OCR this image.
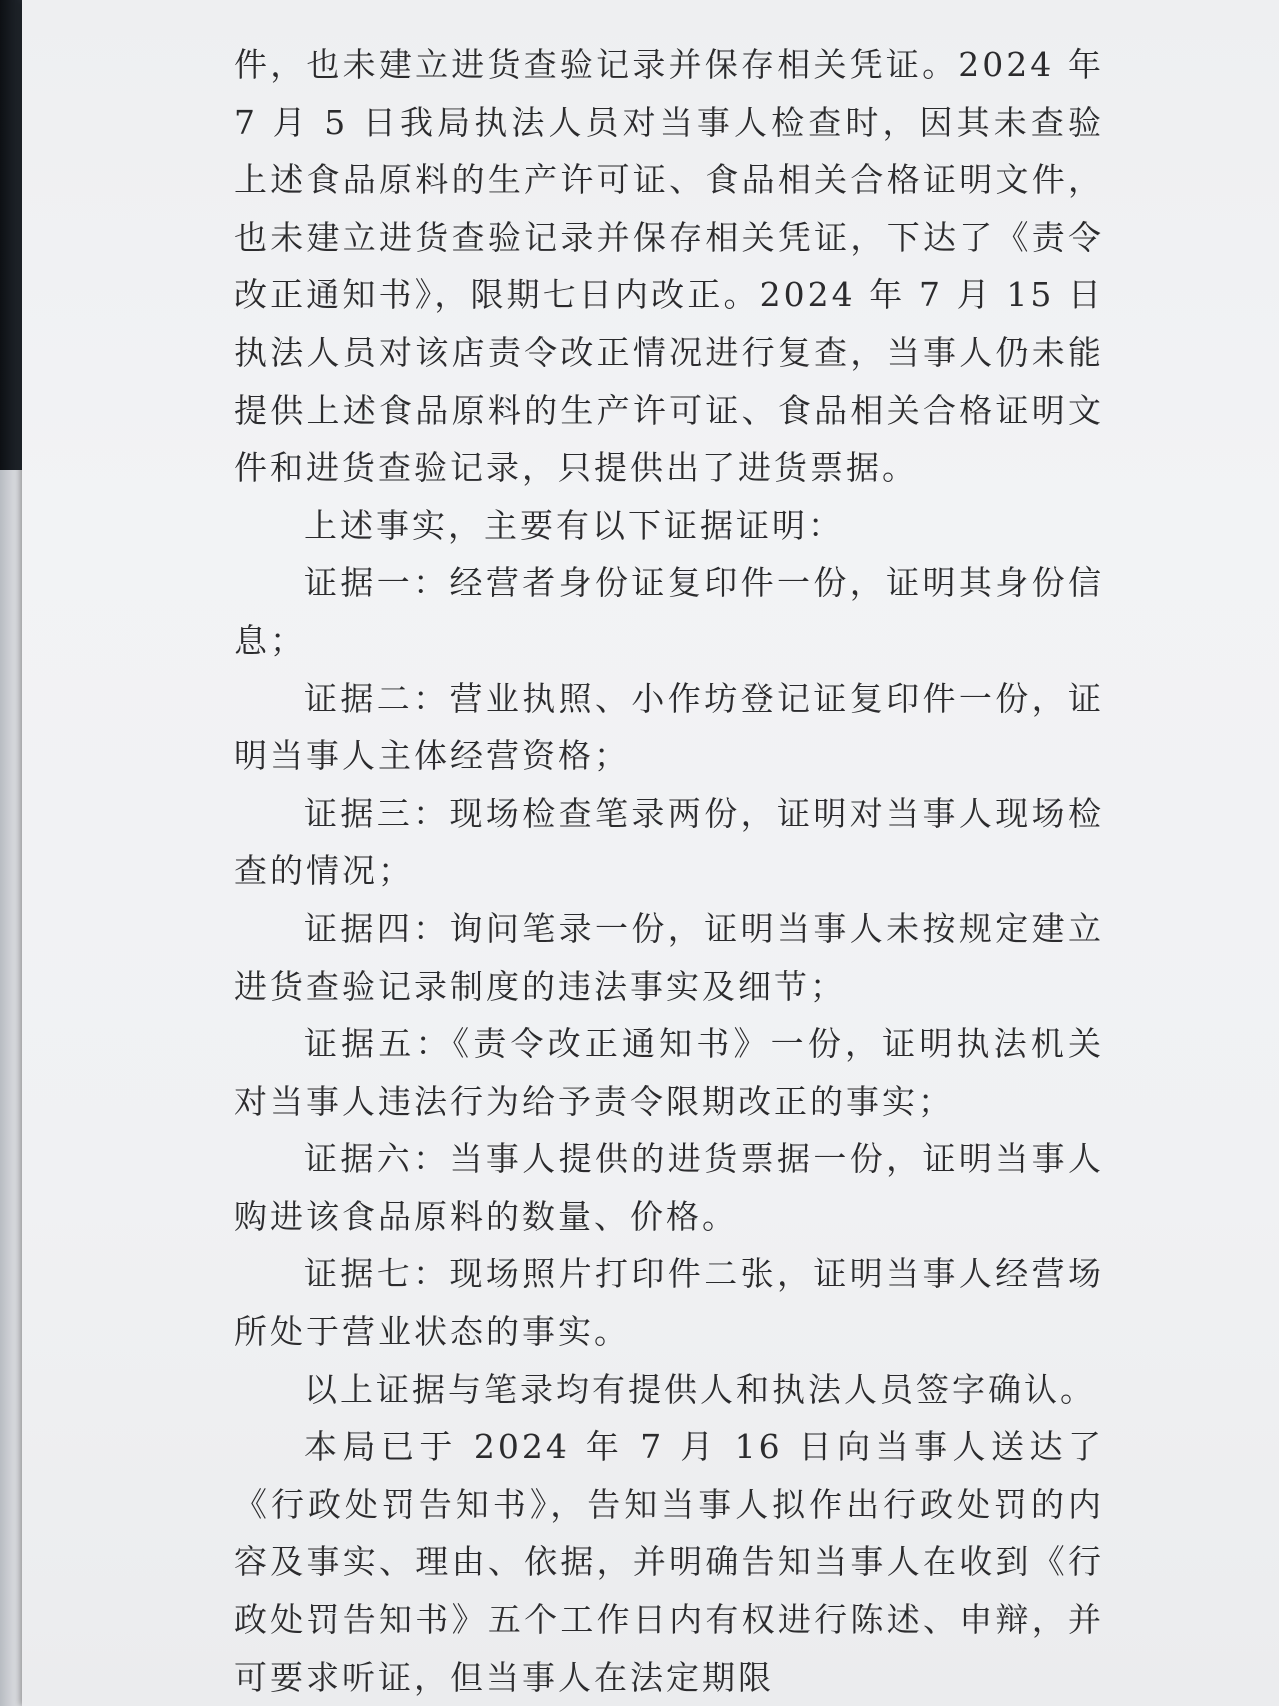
件，也未建立进货查验记录并保存相关凭证。2024 年 7 月 5 日我局执法人员对当事人检查时，因其未查验上述食品原料的生产许可证、食品相关合格证明文件，也未建立进货查验记录并保存相关凭证，下达了《责令改正通知书》，限期七日内改正。2024 年 7 月 15 日执法人员对该店责令改正情况进行复查，当事人仍未能提供上述食品原料的生产许可证、食品相关合格证明文件和进货查验记录，只提供出了进货票据。

上述事实，主要有以下证据证明：

证据一：经营者身份证复印件一份，证明其身份信息；

证据二：营业执照、小作坊登记证复印件一份，证明当事人主体经营资格；

证据三：现场检查笔录两份，证明对当事人现场检查的情况；

证据四：询问笔录一份，证明当事人未按规定建立进货查验记录制度的违法事实及细节；

证据五：《责令改正通知书》一份，证明执法机关对当事人违法行为给予责令限期改正的事实；

证据六：当事人提供的进货票据一份，证明当事人购进该食品原料的数量、价格。

证据七：现场照片打印件二张，证明当事人经营场所处于营业状态的事实。

以上证据与笔录均有提供人和执法人员签字确认。

本局已于 2024 年 7 月 16 日向当事人送达了《行政处罚告知书》，告知当事人拟作出行政处罚的内容及事实、理由、依据，并明确告知当事人在收到《行政处罚告知书》五个工作日内有权进行陈述、申辩，并可要求听证，但当事人在法定期限
